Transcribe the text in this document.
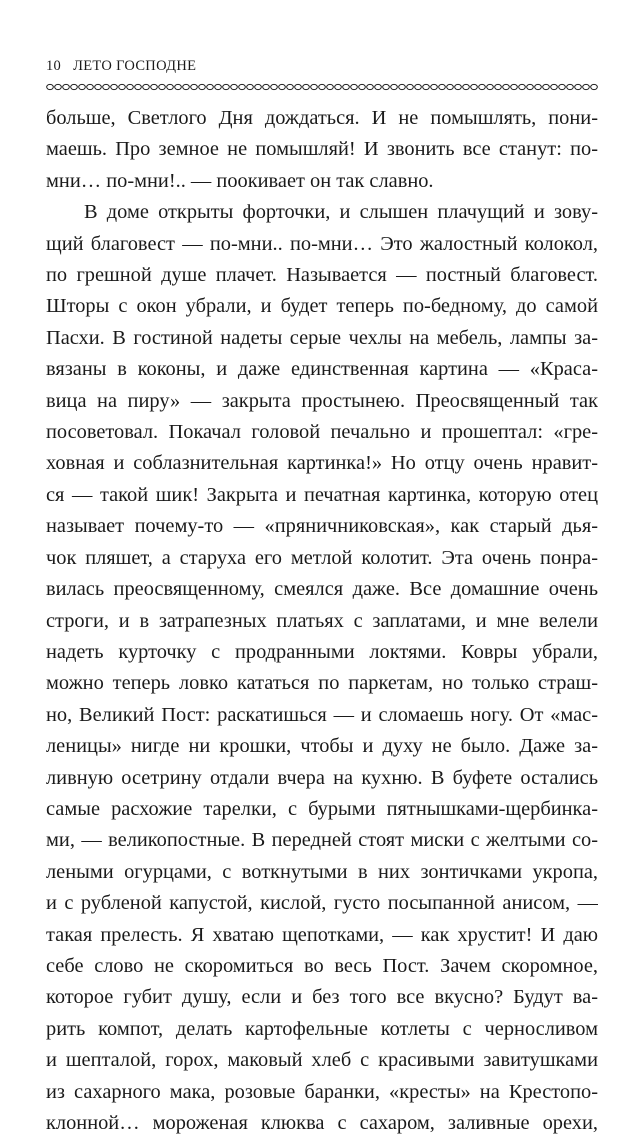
10 ЛЕТО ГОСПОДНЕ

больше, Светлого Дня дождаться. И не помышлять, пони-
маешь. Про земное не помышляй! И звонить все станут: по-
мни… по-мни!.. — поокивает он так славно.

В доме открыты форточки, и слышен плачущий и зову-
щий благовест — по-мни.. по-мни… Это жалостный колокол,
по грешной душе плачет. Называется — постный благовест.
Шторы с окон убрали, и будет теперь по-бедному, до самой
Пасхи. В гостиной надеты серые чехлы на мебель, лампы за-
вязаны в коконы, и даже единственная картина — «Краса-
вица на пиру» — закрыта простынею. Преосвященный так
посоветовал. Покачал головой печально и прошептал: «гре-
ховная и соблазнительная картинка!» Но отцу очень нравит-
ся — такой шик! Закрыта и печатная картинка, которую отец
называет почему-то — «пряничниковская», как старый дья-
чок пляшет, а старуха его метлой колотит. Эта очень понра-
вилась преосвященному, смеялся даже. Все домашние очень
строги, и в затрапезных платьях с заплатами, и мне велели
надеть курточку с продранными локтями. Ковры убрали,
можно теперь ловко кататься по паркетам, но только страш-
но, Великий Пост: раскатишься — и сломаешь ногу. От «мас-
леницы» нигде ни крошки, чтобы и духу не было. Даже за-
ливную осетрину отдали вчера на кухню. В буфете остались
самые расхожие тарелки, с бурыми пятнышками-щербинка-
ми, — великопостные. В передней стоят миски с желтыми со-
леными огурцами, с воткнутыми в них зонтичками укропа,
и с рубленой капустой, кислой, густо посыпанной анисом, —
такая прелесть. Я хватаю щепотками, — как хрустит! И даю
себе слово не скоромиться во весь Пост. Зачем скоромное,
которое губит душу, если и без того все вкусно? Будут ва-
рить компот, делать картофельные котлеты с черносливом
и шепталой, горох, маковый хлеб с красивыми завитушками
из сахарного мака, розовые баранки, «кресты» на Крестопо-
клонной… мороженая клюква с сахаром, заливные орехи,
